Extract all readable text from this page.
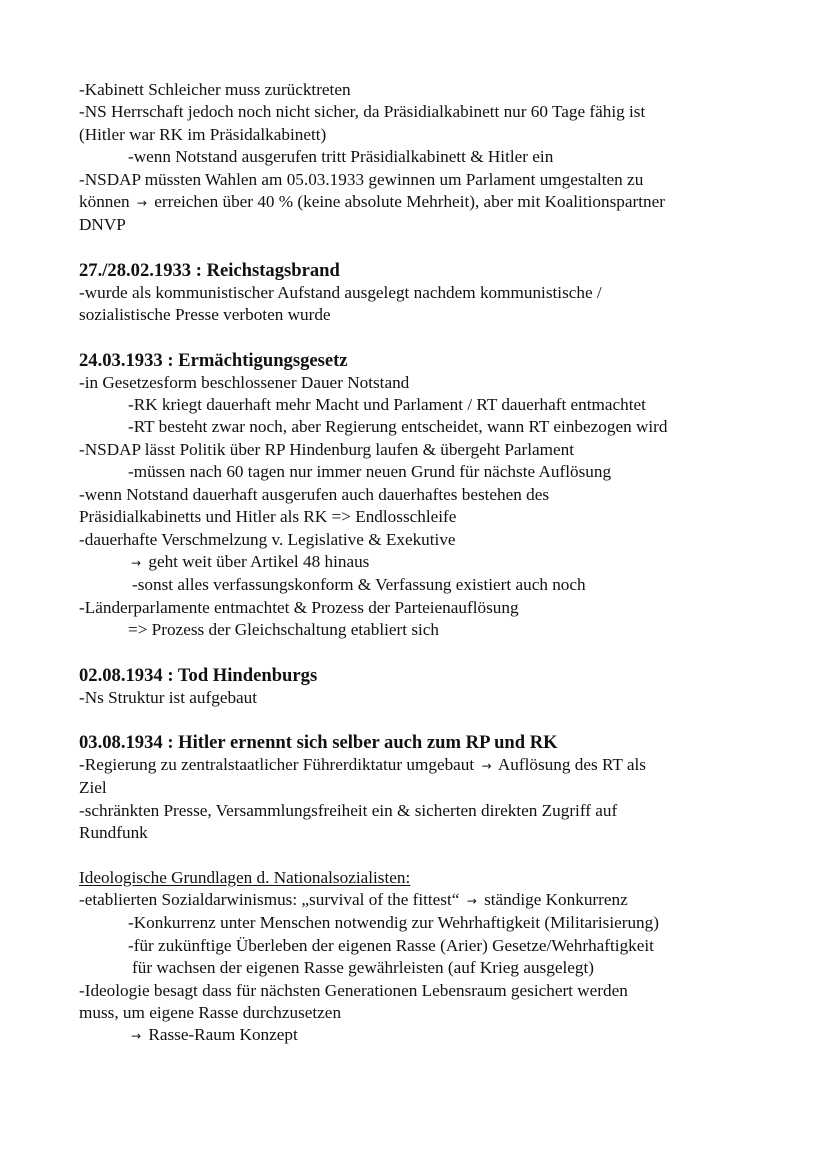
-Kabinett Schleicher muss zurücktreten
-NS Herrschaft jedoch noch nicht sicher, da Präsidialkabinett nur 60 Tage fähig ist
(Hitler war RK im Präsidalkabinett)
-wenn Notstand ausgerufen tritt Präsidialkabinett & Hitler ein
-NSDAP müssten Wahlen am 05.03.1933 gewinnen um Parlament umgestalten zu
können → erreichen über 40 % (keine absolute Mehrheit), aber mit Koalitionspartner
DNVP
27./28.02.1933 : Reichstagsbrand
-wurde als kommunistischer Aufstand ausgelegt nachdem kommunistische /
sozialistische Presse verboten wurde
24.03.1933 : Ermächtigungsgesetz
-in Gesetzesform beschlossener Dauer Notstand
-RK kriegt dauerhaft mehr Macht und Parlament / RT dauerhaft entmachtet
-RT besteht zwar noch, aber Regierung entscheidet, wann RT einbezogen wird
-NSDAP lässt Politik über RP Hindenburg laufen & übergeht Parlament
-müssen nach 60 tagen nur immer neuen Grund für nächste Auflösung
-wenn Notstand dauerhaft ausgerufen auch dauerhaftes bestehen des
Präsidialkabinetts und Hitler als RK => Endlosschleife
-dauerhafte Verschmelzung v. Legislative & Exekutive
→ geht weit über Artikel 48 hinaus
-sonst alles verfassungskonform & Verfassung existiert auch noch
-Länderparlamente entmachtet & Prozess der Parteienauflösung
=> Prozess der Gleichschaltung etabliert sich
02.08.1934 : Tod Hindenburgs
-Ns Struktur ist aufgebaut
03.08.1934 : Hitler ernennt sich selber auch zum RP und RK
-Regierung zu zentralstaatlicher Führerdiktatur umgebaut → Auflösung des RT als
Ziel
-schränkten Presse, Versammlungsfreiheit ein & sicherten direkten Zugriff auf
Rundfunk
Ideologische Grundlagen d. Nationalsozialisten:
-etablierten Sozialdarwinismus: „survival of the fittest“ → ständige Konkurrenz
-Konkurrenz unter Menschen notwendig zur Wehrhaftigkeit (Militarisierung)
-für zukünftige Überleben der eigenen Rasse (Arier) Gesetze/Wehrhaftigkeit
für wachsen der eigenen Rasse gewährleisten (auf Krieg ausgelegt)
-Ideologie besagt dass für nächsten Generationen Lebensraum gesichert werden
muss, um eigene Rasse durchzusetzen
→ Rasse-Raum Konzept
